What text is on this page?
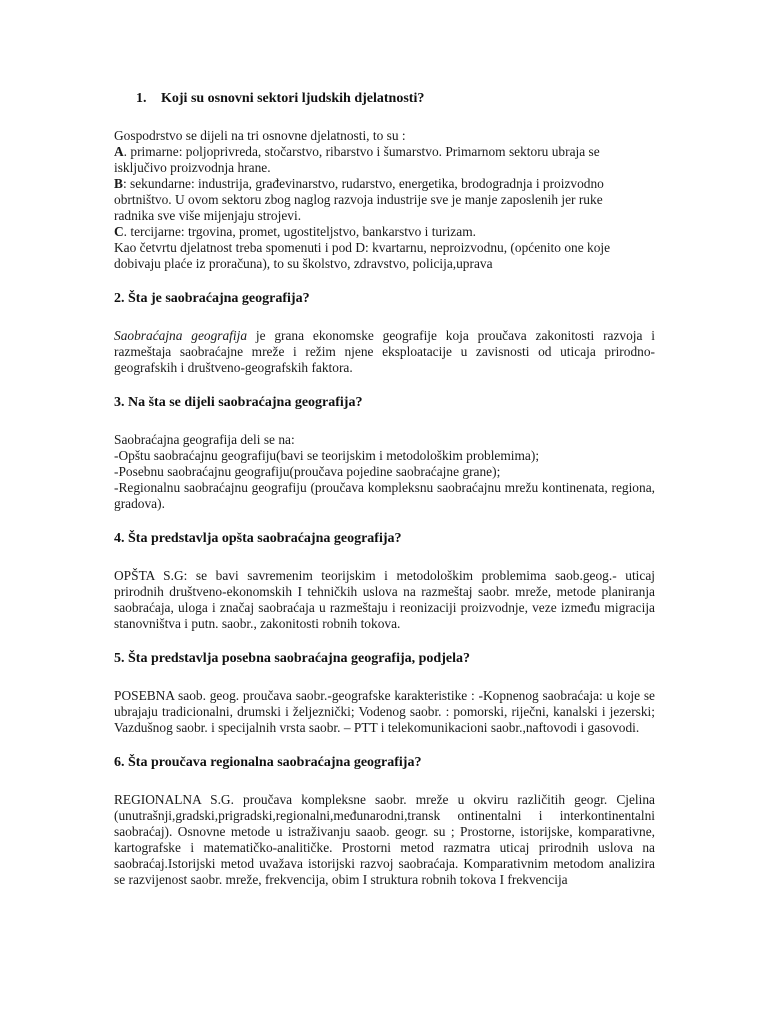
1. Koji su osnovni sektori ljudskih djelatnosti?
Gospodrstvo se dijeli na tri osnovne djelatnosti, to su :
A. primarne: poljoprivreda, stočarstvo, ribarstvo i šumarstvo. Primarnom sektoru ubraja se
isključivo proizvodnja hrane.
B: sekundarne: industrija, građevinarstvo, rudarstvo, energetika, brodogradnja i proizvodno
obrtništvo. U ovom sektoru zbog naglog razvoja industrije sve je manje zaposlenih jer ruke
radnika sve više mijenjaju strojevi.
C. tercijarne: trgovina, promet, ugostiteljstvo, bankarstvo i turizam.
Kao četvrtu djelatnost treba spomenuti i pod D: kvartarnu, neproizvodnu, (općenito one koje
dobivaju plaće iz proračuna), to su školstvo, zdravstvo, policija,uprava
2. Šta je saobraćajna geografija?

Saobraćajna geografija je grana ekonomske geografije koja proučava zakonitosti razvoja i razmeštaja saobraćajne mreže i režim njene eksploatacije u zavisnosti od uticaja prirodno-geografskih i društveno-geografskih faktora.

3. Na šta se dijeli saobraćajna geografija?
Saobraćajna geografija deli se na:
-Opštu saobraćajnu geografiju(bavi se teorijskim i metodološkim problemima);
-Posebnu saobraćajnu geografiju(proučava pojedine saobraćajne grane);
-Regionalnu saobraćajnu geografiju (proučava kompleksnu saobraćajnu mrežu kontinenata, regiona, gradova).
4. Šta predstavlja opšta saobraćajna geografija?

OPŠTA S.G: se bavi savremenim teorijskim i metodološkim problemima saob.geog.- uticaj prirodnih društveno-ekonomskih I tehničkih uslova na razmeštaj saobr. mreže, metode planiranja saobraćaja, uloga i značaj saobraćaja u razmeštaju i reonizaciji proizvodnje, veze između migracija stanovništva i putn. saobr., zakonitosti robnih tokova.

5. Šta predstavlja posebna saobraćajna geografija, podjela?

POSEBNA saob. geog. proučava saobr.-geografske karakteristike : -Kopnenog saobraćaja: u koje se ubrajaju tradicionalni, drumski i željeznički; Vodenog saobr. : pomorski, riječni, kanalski i jezerski; Vazdušnog saobr. i specijalnih vrsta saobr. – PTT i telekomunikacioni saobr.,naftovodi i gasovodi.

6. Šta proučava regionalna saobraćajna geografija?

REGIONALNA S.G. proučava kompleksne saobr. mreže u okviru različitih geogr. Cjelina (unutrašnji,gradski,prigradski,regionalni,međunarodni,transk ontinentalni i interkontinentalni saobraćaj). Osnovne metode u istraživanju saaob. geogr. su ; Prostorne, istorijske, komparativne, kartografske i matematičko-analitičke. Prostorni metod razmatra uticaj prirodnih uslova na saobraćaj.Istorijski metod uvažava istorijski razvoj saobraćaja. Komparativnim metodom analizira se razvijenost saobr. mreže, frekvencija, obim I struktura robnih tokova I frekvencija
